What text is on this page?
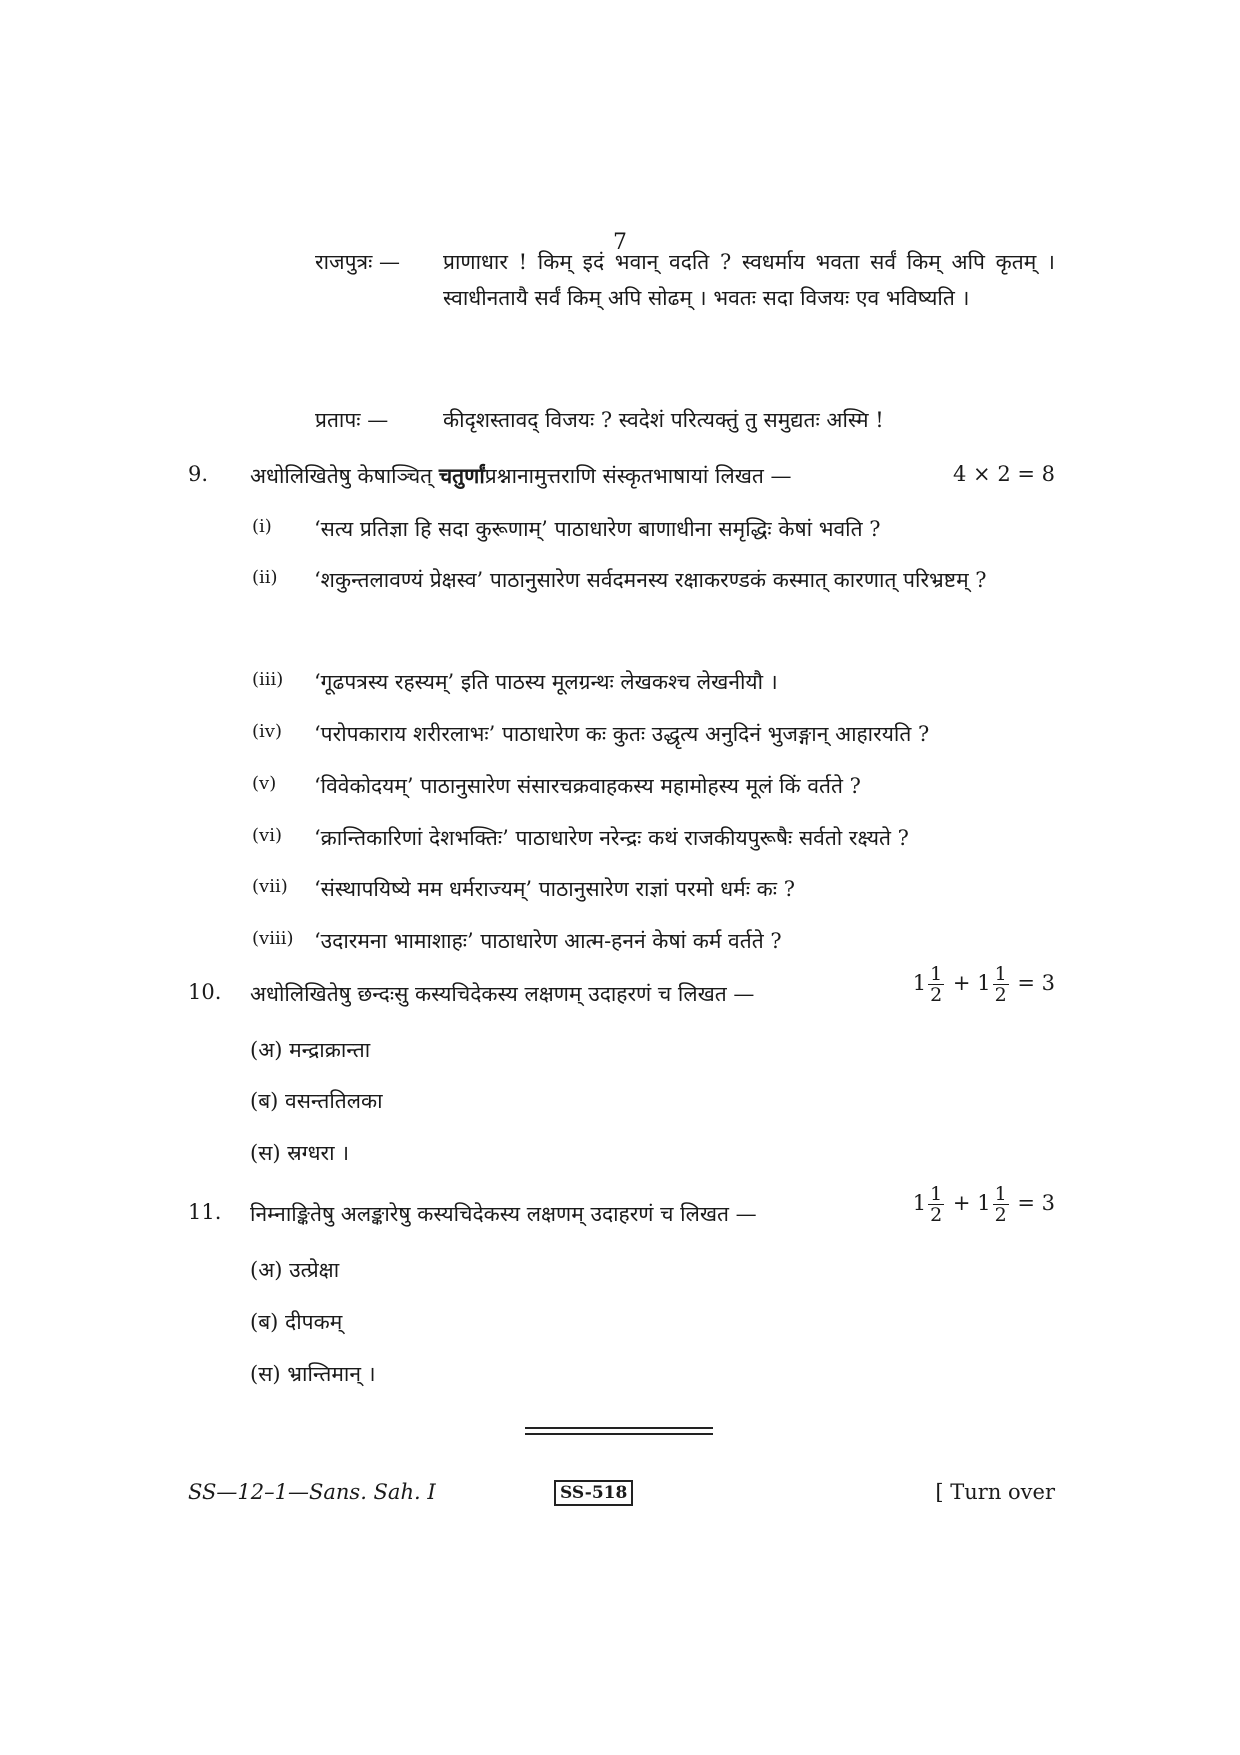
7
राजपुत्रः —	प्राणाधार ! किम् इदं भवान् वदति ? स्वधर्माय भवता सर्वं किम् अपि कृतम् । स्वाधीनतायै सर्वं किम् अपि सोढम् । भवतः सदा विजयः एव भविष्यति ।
प्रतापः —	कीदृशस्तावद् विजयः ? स्वदेशं परित्यक्तुं तु समुद्यतः अस्मि !
9. अधोलिखितेषु केषाञ्चित् चतुर्णांप्रश्नानामुत्तराणि संस्कृतभाषायां लिखत —	4 × 2 = 8
(i) ‘सत्य प्रतिज्ञा हि सदा कुरूणाम्’ पाठाधारेण बाणाधीना समृद्धिः केषां भवति ?
(ii) ‘शकुन्तलावण्यं प्रेक्षस्व’ पाठानुसारेण सर्वदमनस्य रक्षाकरण्डकं कस्मात् कारणात् परिभ्रष्टम् ?
(iii) ‘गूढपत्रस्य रहस्यम्’ इति पाठस्य मूलग्रन्थः लेखकश्च लेखनीयौ ।
(iv) ‘परोपकाराय शरीरलाभः’ पाठाधारेण कः कुतः उद्धृत्य अनुदिनं भुजङ्गान् आहारयति ?
(v) ‘विवेकोदयम्’ पाठानुसारेण संसारचक्रवाहकस्य महामोहस्य मूलं किं वर्तते ?
(vi) ‘क्रान्तिकारिणां देशभक्तिः’ पाठाधारेण नरेन्द्रः कथं राजकीयपुरूषैः सर्वतो रक्ष्यते ?
(vii) ‘संस्थापयिष्ये मम धर्मराज्यम्’ पाठानुसारेण राज्ञां परमो धर्मः कः ?
(viii) ‘उदारमना भामाशाहः’ पाठाधारेण आत्म-हननं केषां कर्म वर्तते ?
10. अधोलिखितेषु छन्दःसु कस्यचिदेकस्य लक्षणम् उदाहरणं च लिखत —	$1 \frac{1}{2} + 1 \frac{1}{2} = 3$
(अ) मन्द्राक्रान्ता
(ब) वसन्ततिलका
(स) स्रग्धरा ।
11. निम्नाङ्कितेषु अलङ्कारेषु कस्यचिदेकस्य लक्षणम् उदाहरणं च लिखत —	$1 \frac{1}{2} + 1 \frac{1}{2} = 3$
(अ) उत्प्रेक्षा
(ब) दीपकम्
(स) भ्रान्तिमान् ।
SS—12–1—Sans. Sah. I	SS-518	[ Turn over
